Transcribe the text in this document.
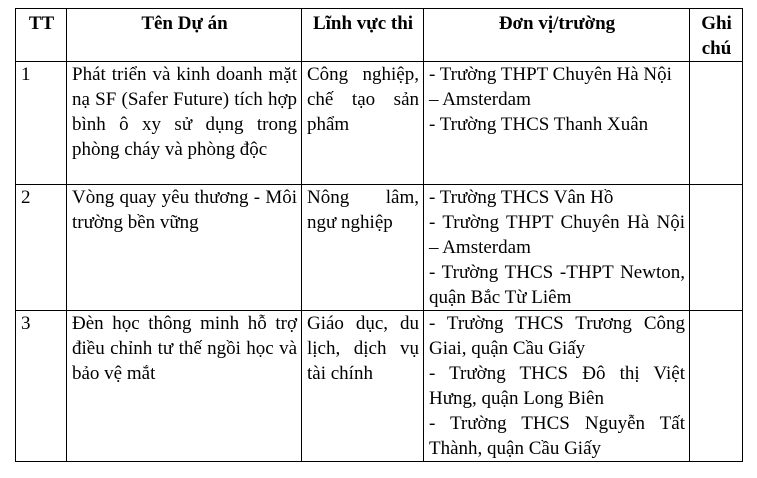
TT	Tên Dự án	Lĩnh vực thi	Đơn vị/trường	Ghi chú
1	Phát triển và kinh doanh mặt nạ SF (Safer Future) tích hợp bình ô xy sử dụng trong phòng cháy và phòng độc	Công nghiệp, chế tạo sản phẩm	- Trường THPT Chuyên Hà Nội – Amsterdam
- Trường THCS Thanh Xuân	

2	Vòng quay yêu thương - Môi trường bền vững	Nông lâm, ngư nghiệp	- Trường THCS Vân Hồ
- Trường THPT Chuyên Hà Nội – Amsterdam
- Trường THCS -THPT Newton, quận Bắc Từ Liêm	

3	Đèn học thông minh hỗ trợ điều chỉnh tư thế ngồi học và bảo vệ mắt	Giáo dục, du lịch, dịch vụ tài chính	- Trường THCS Trương Công Giai, quận Cầu Giấy
- Trường THCS Đô thị Việt Hưng, quận Long Biên
- Trường THCS Nguyễn Tất Thành, quận Cầu Giấy	
